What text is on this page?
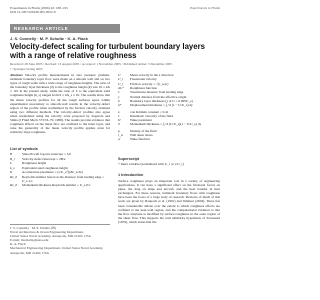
Experiments in Fluids (2006) 40: 188–195
DOI 10.1007/s00348-005-0052-9
Experiments in Fluids
RESEARCH ARTICLE
J. S. Connelly · M. P. Schultz · K. A. Flack
Velocity-defect scaling for turbulent boundary layers with a range of relative roughness
Received: 28 June 2005 / Revised: 13 August 2005 / Accepted: 1 November 2005 / Published online: 3 December 2005
© Springer-Verlag 2005
Abstract Velocity profile measurements in zero pressure gradient, turbulent boundary layer flow were made on a smooth wall and on two types of rough walls with a wide range of roughness heights. The ratio of the boundary layer thickness (δ) to the roughness height (k) was 16 ≤ δ/k ≤ 110 in the present study, while the ratio of δ to the equivalent sand roughness height (k_s) ranged from 6 ≤ δ/k_s ≤ 91. The results show that the mean velocity profiles for all the rough surfaces agree within experimental uncertainty to smooth-wall results in the velocity-defect region of the profile when normalized by the friction velocity obtained using two different methods. The velocity-defect profiles also agree when normalized using the velocity scale proposed by Zagarola and Smits (J Fluid Mech 373:33–79, 1998). The results provide evidence that roughness effects on the mean flow are confined to the inner layer, and raise the generality of the mean velocity profile applies even for relatively large roughness.
List of symbols
B	Smooth wall log-law intercept = 5.0
B_r	Velocity-defect intercept = 2B/κ
k	Roughness height
k_s	Equivalent sand roughness height
K	Acceleration parameter = (ν/U_e²)(dU_e/dx)
Re_θ	Reynolds number based on the distance from leading edge = U_e x/ν
Re_θ	Momentum thickness Reynolds number = U_e θ/ν
J. S. Connelly · M. P. Schultz (✉)
Naval Architecture & Ocean Engineering Department,
United States Naval Academy, Annapolis, MD 21402, USA
E-mail: mschultz@usna.edu
K. A. Flack
Mechanical Engineering Department, United States Naval Academy, Annapolis, MD 21402, USA
U	Mean velocity in the x direction
U_τ	Freestream velocity
U_τ	Friction velocity = √(τ_w/ρ)
ΔU⁺	Roughness function
x	Streamwise distance from leading edge
y	Normal distance from the effective origin
δ	Boundary layer thickness (y at U = 0.995U_e)
δ*	Displacement thickness = ∫₀^δ (1 − U/U_e) dy
κ	von Kármán constant = 0.41
ν	Kinematic viscosity of the fluid
Π	Wake parameter
θ	Momentum thickness = ∫₀^δ (U/U_e)(1 − U/U_e) dy
ρ	Density of the fluid
τ_w	Wall shear stress
w	Wake function
Superscript
+ Inner variable (normalized with U_τ or ν/U_τ)
1 Introduction
Surface roughness plays an important role in a variety of engineering applications. It can have a significant effect on the frictional forces on pipes, the drag on ships and aircraft, and the heat transfer in heat exchangers. For these reasons, turbulent boundary flows with roughness have been the focus of a large body of research. Reviews of much of this work are given by Raupach et al. (1991) and Jiménez (2004). There has been considerable debate over the extent to which roughness effects are confined to the near-wall region, and the computational evidence is that the flow structure is modified by surface roughness in the outer region of the shear flow. This supports the wall similarity hypothesis of Townsend (1976), which states that the
